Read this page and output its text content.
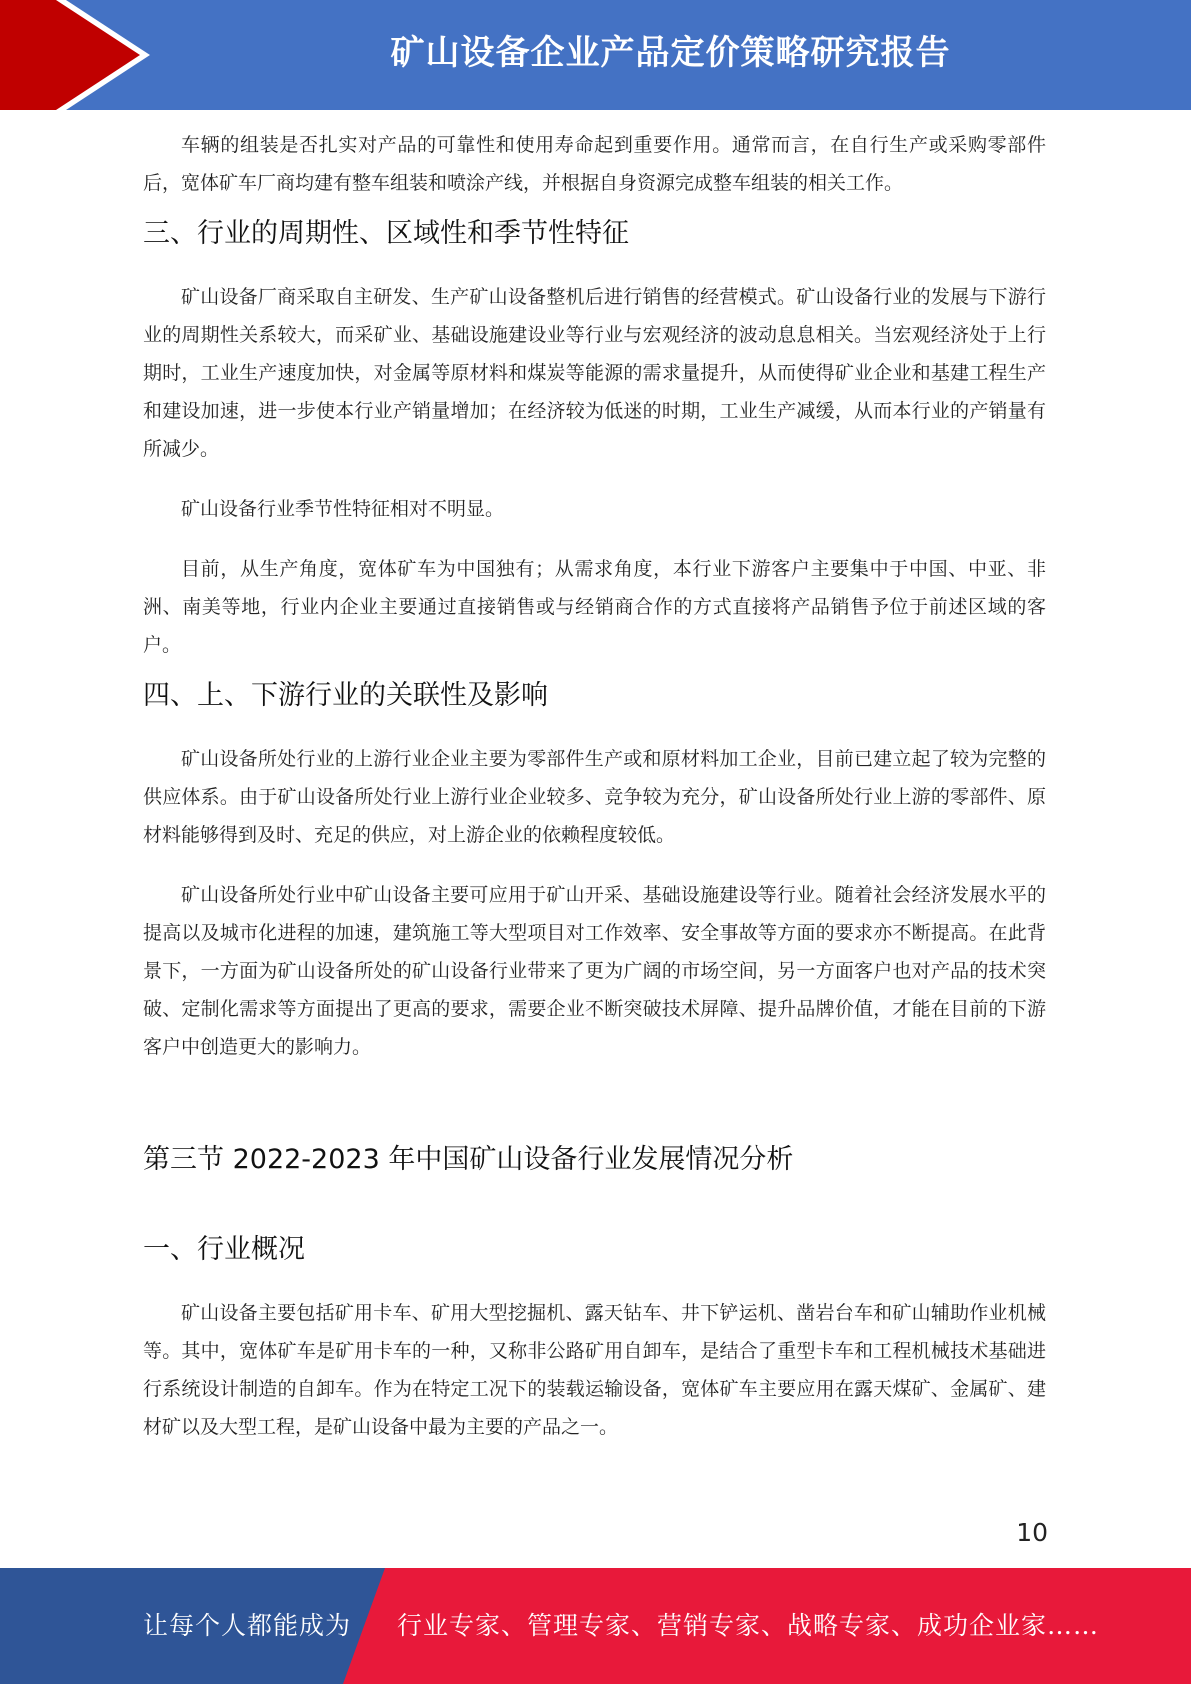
矿山设备企业产品定价策略研究报告

车辆的组装是否扎实对产品的可靠性和使用寿命起到重要作用。通常而言，在自行生产或采购零部件后，宽体矿车厂商均建有整车组装和喷涂产线，并根据自身资源完成整车组装的相关工作。

三、行业的周期性、区域性和季节性特征

矿山设备厂商采取自主研发、生产矿山设备整机后进行销售的经营模式。矿山设备行业的发展与下游行业的周期性关系较大，而采矿业、基础设施建设业等行业与宏观经济的波动息息相关。当宏观经济处于上行期时，工业生产速度加快，对金属等原材料和煤炭等能源的需求量提升，从而使得矿业企业和基建工程生产和建设加速，进一步使本行业产销量增加；在经济较为低迷的时期，工业生产减缓，从而本行业的产销量有所减少。

矿山设备行业季节性特征相对不明显。

目前，从生产角度，宽体矿车为中国独有；从需求角度，本行业下游客户主要集中于中国、中亚、非洲、南美等地，行业内企业主要通过直接销售或与经销商合作的方式直接将产品销售予位于前述区域的客户。

四、上、下游行业的关联性及影响

矿山设备所处行业的上游行业企业主要为零部件生产或和原材料加工企业，目前已建立起了较为完整的供应体系。由于矿山设备所处行业上游行业企业较多、竞争较为充分，矿山设备所处行业上游的零部件、原材料能够得到及时、充足的供应，对上游企业的依赖程度较低。

矿山设备所处行业中矿山设备主要可应用于矿山开采、基础设施建设等行业。随着社会经济发展水平的提高以及城市化进程的加速，建筑施工等大型项目对工作效率、安全事故等方面的要求亦不断提高。在此背景下，一方面为矿山设备所处的矿山设备行业带来了更为广阔的市场空间，另一方面客户也对产品的技术突破、定制化需求等方面提出了更高的要求，需要企业不断突破技术屏障、提升品牌价值，才能在目前的下游客户中创造更大的影响力。

第三节 2022-2023 年中国矿山设备行业发展情况分析
一、行业概况

矿山设备主要包括矿用卡车、矿用大型挖掘机、露天钻车、井下铲运机、凿岩台车和矿山辅助作业机械等。其中，宽体矿车是矿用卡车的一种，又称非公路矿用自卸车，是结合了重型卡车和工程机械技术基础进行系统设计制造的自卸车。作为在特定工况下的装载运输设备，宽体矿车主要应用在露天煤矿、金属矿、建材矿以及大型工程，是矿山设备中最为主要的产品之一。

10
让每个人都能成为 行业专家、管理专家、营销专家、战略专家、成功企业家……
